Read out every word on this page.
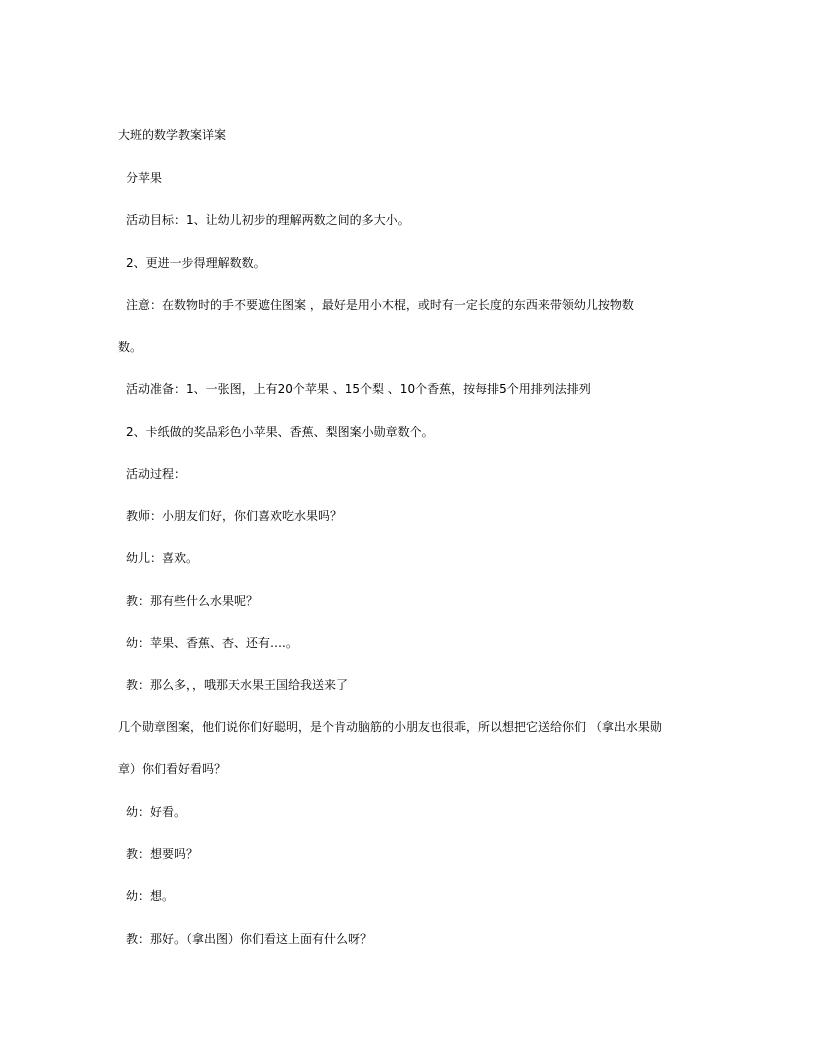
大班的数学教案详案
分苹果
活动目标：1、让幼儿初步的理解两数之间的多大小。
2、更进一步得理解数数。
注意：在数物时的手不要遮住图案 ，最好是用小木棍，或时有一定长度的东西来带领幼儿按物数
数。
活动准备：1、一张图，上有20个苹果 、15个梨 、10个香蕉，按每排5个用排列法排列
2、卡纸做的奖品彩色小苹果、香蕉、梨图案小勋章数个。
活动过程：
教师：小朋友们好，你们喜欢吃水果吗？
幼儿：喜欢。
教：那有些什么水果呢？
幼：苹果、香蕉、杏、还有….。
教：那么多，，哦那天水果王国给我送来了
几个勋章图案，他们说你们好聪明，是个肯动脑筋的小朋友也很乖，所以想把它送给你们 （拿出水果勋
章）你们看好看吗？
幼：好看。
教：想要吗？
幼：想。
教：那好。（拿出图）你们看这上面有什么呀？
